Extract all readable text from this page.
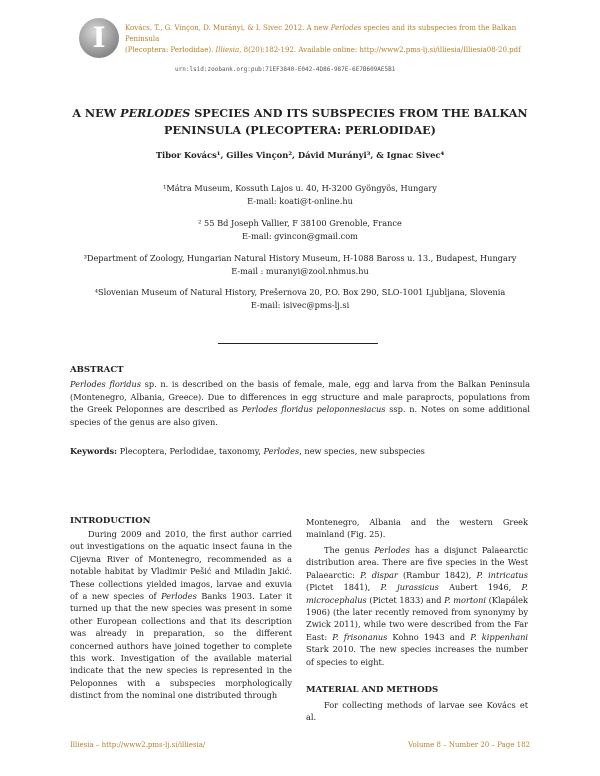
I	Kovács, T., G. Vinçon, D. Murányi, & I. Sivec 2012. A new Perlodes species and its subspecies from the Balkan Peninsula
(Plecoptera: Perlodidae). Illiesia, 8(20):182-192. Available online: http://www2.pms-lj.si/illiesia/Illiesia08-20.pdf
urn:lsid:zoobank.org:pub:71EF3840-E042-4D86-987E-6E7B609AE5B1
A NEW PERLODES SPECIES AND ITS SUBSPECIES FROM THE BALKAN
PENINSULA (PLECOPTERA: PERLODIDAE)
Tibor Kovács¹, Gilles Vinçon², Dávid Murányi³, & Ignac Sivec⁴
¹Mátra Museum, Kossuth Lajos u. 40, H-3200 Gyöngyös, Hungary
E-mail: koati@t-online.hu
² 55 Bd Joseph Vallier, F 38100 Grenoble, France
E-mail: gvincon@gmail.com
³Department of Zoology, Hungarian Natural History Museum, H-1088 Baross u. 13., Budapest, Hungary
E-mail : muranyi@zool.nhmus.hu
⁴Slovenian Museum of Natural History, Prešernova 20, P.O. Box 290, SLO-1001 Ljubljana, Slovenia
E-mail: isivec@pms-lj.si
ABSTRACT
Perlodes floridus sp. n. is described on the basis of female, male, egg and larva from the Balkan Peninsula (Montenegro, Albania, Greece). Due to differences in egg structure and male paraprocts, populations from the Greek Peloponnes are described as Perlodes floridus peloponnesiacus ssp. n. Notes on some additional species of the genus are also given.
Keywords: Plecoptera, Perlodidae, taxonomy, Perlodes, new species, new subspecies
INTRODUCTION
During 2009 and 2010, the first author carried out investigations on the aquatic insect fauna in the Cijevna River of Montenegro, recommended as a notable habitat by Vladimir Pešić and Miladin Jakić. These collections yielded imagos, larvae and exuvia of a new species of Perlodes Banks 1903. Later it turned up that the new species was present in some other European collections and that its description was already in preparation, so the different concerned authors have joined together to complete this work. Investigation of the available material indicate that the new species is represented in the Peloponnes with a subspecies morphologically distinct from the nominal one distributed through
Montenegro, Albania and the western Greek mainland (Fig. 25).
The genus Perlodes has a disjunct Palaearctic distribution area. There are five species in the West Palaearctic: P. dispar (Rambur 1842), P. intricatus (Pictet 1841), P. jurassicus Aubert 1946, P. microcephalus (Pictet 1833) and P. mortoni (Klapálek 1906) (the later recently removed from synonymy by Zwick 2011), while two were described from the Far East: P. frisonanus Kohno 1943 and P. kippenhani Stark 2010. The new species increases the number of species to eight.
MATERIAL AND METHODS
For collecting methods of larvae see Kovács et al.
Illiesia – http://www2.pms-lj.si/illiesia/	Volume 8 – Number 20 – Page 182
